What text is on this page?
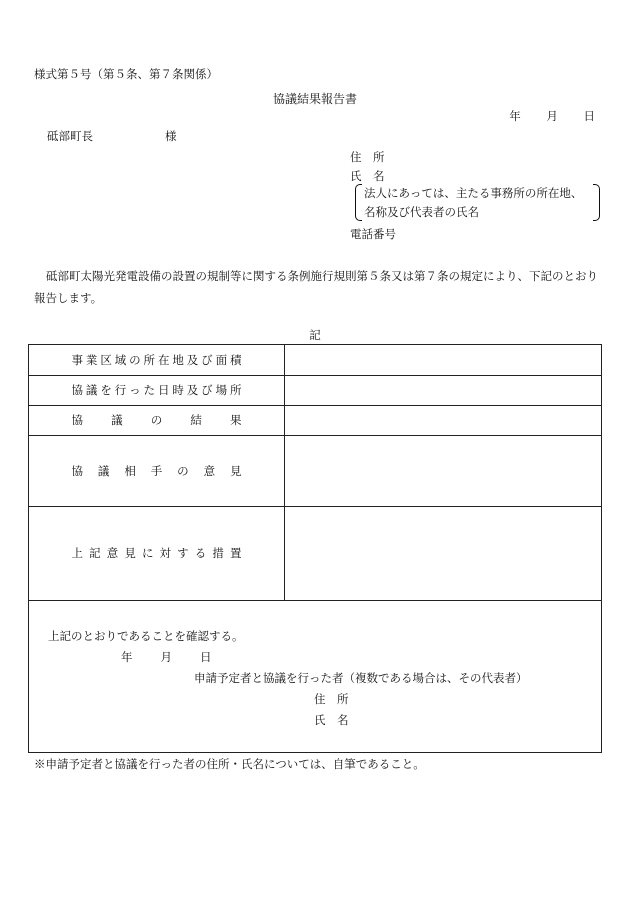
様式第５号（第５条、第７条関係）
協議結果報告書
年 月 日
砥部町長	様
住　所
氏　名
法人にあっては、主たる事務所の所在地、
名称及び代表者の氏名
電話番号
砥部町太陽光発電設備の設置の規制等に関する条例施行規則第５条又は第７条の規定により、下記のとおり報告します。
記
事業区域の所在地及び面積
協議を行った日時及び場所
協議の結果
協議相手の意見
上記意見に対する措置
上記のとおりであることを確認する。
年 月 日
申請予定者と協議を行った者（複数である場合は、その代表者）
住　所
氏　名
※申請予定者と協議を行った者の住所・氏名については、自筆であること。
